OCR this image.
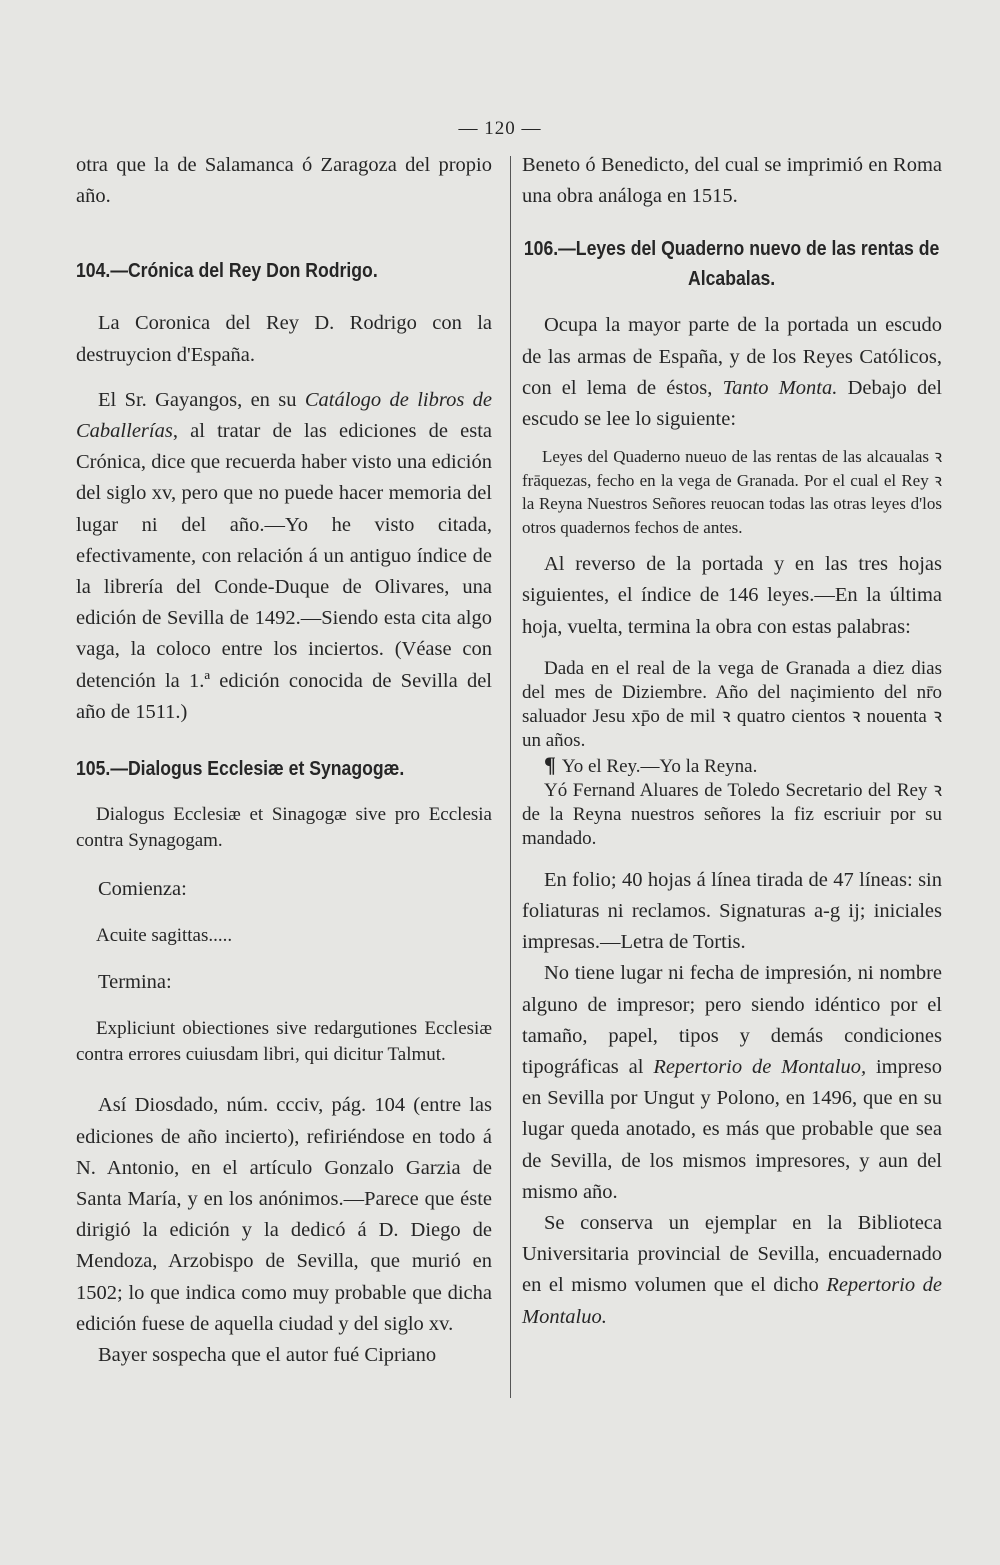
— 120 —

otra que la de Salamanca ó Zaragoza del propio año.

104.—Crónica del Rey Don Rodrigo.

La Coronica del Rey D. Rodrigo con la destruycion d'España.

El Sr. Gayangos, en su Catálogo de libros de Caballerías, al tratar de las ediciones de esta Crónica, dice que recuerda haber visto una edición del siglo xv, pero que no puede hacer memoria del lugar ni del año.—Yo he visto citada, efectivamente, con relación á un antiguo índice de la librería del Conde-Duque de Olivares, una edición de Sevilla de 1492.—Siendo esta cita algo vaga, la coloco entre los inciertos. (Véase con detención la 1.ª edición conocida de Sevilla del año de 1511.)

105.—Dialogus Ecclesiæ et Synagogæ.

Dialogus Ecclesiæ et Sinagogæ sive pro Ecclesia contra Synagogam.

Comienza:

Acuite sagittas.....

Termina:

Expliciunt obiectiones sive redargutiones Ecclesiæ contra errores cuiusdam libri, qui dicitur Talmut.

Así Diosdado, núm. ccciv, pág. 104 (entre las ediciones de año incierto), refiriéndose en todo á N. Antonio, en el artículo Gonzalo Garzia de Santa María, y en los anónimos.—Parece que éste dirigió la edición y la dedicó á D. Diego de Mendoza, Arzobispo de Sevilla, que murió en 1502; lo que indica como muy probable que dicha edición fuese de aquella ciudad y del siglo xv.

Bayer sospecha que el autor fué Cipriano

Beneto ó Benedicto, del cual se imprimió en Roma una obra análoga en 1515.

106.—Leyes del Quaderno nuevo de las rentas de Alcabalas.

Ocupa la mayor parte de la portada un escudo de las armas de España, y de los Reyes Católicos, con el lema de éstos, Tanto Monta. Debajo del escudo se lee lo siguiente:

Leyes del Quaderno nueuo de las rentas de las alcaualas ꝛ frāquezas, fecho en la vega de Granada. Por el cual el Rey ꝛ la Reyna Nuestros Señores reuocan todas las otras leyes d'los otros quadernos fechos de antes.

Al reverso de la portada y en las tres hojas siguientes, el índice de 146 leyes.—En la última hoja, vuelta, termina la obra con estas palabras:

Dada en el real de la vega de Granada a diez dias del mes de Diziembre. Año del naçimiento del nr̄o saluador Jesu xp̄o de mil ꝛ quatro cientos ꝛ nouenta ꝛ un años.

¶ Yo el Rey.—Yo la Reyna.

Yó Fernand Aluares de Toledo Secretario del Rey ꝛ de la Reyna nuestros señores la fiz escriuir por su mandado.

En folio; 40 hojas á línea tirada de 47 líneas: sin foliaturas ni reclamos. Signaturas a-g ij; iniciales impresas.—Letra de Tortis.

No tiene lugar ni fecha de impresión, ni nombre alguno de impresor; pero siendo idéntico por el tamaño, papel, tipos y demás condiciones tipográficas al Repertorio de Montaluo, impreso en Sevilla por Ungut y Polono, en 1496, que en su lugar queda anotado, es más que probable que sea de Sevilla, de los mismos impresores, y aun del mismo año.

Se conserva un ejemplar en la Biblioteca Universitaria provincial de Sevilla, encuadernado en el mismo volumen que el dicho Repertorio de Montaluo.
